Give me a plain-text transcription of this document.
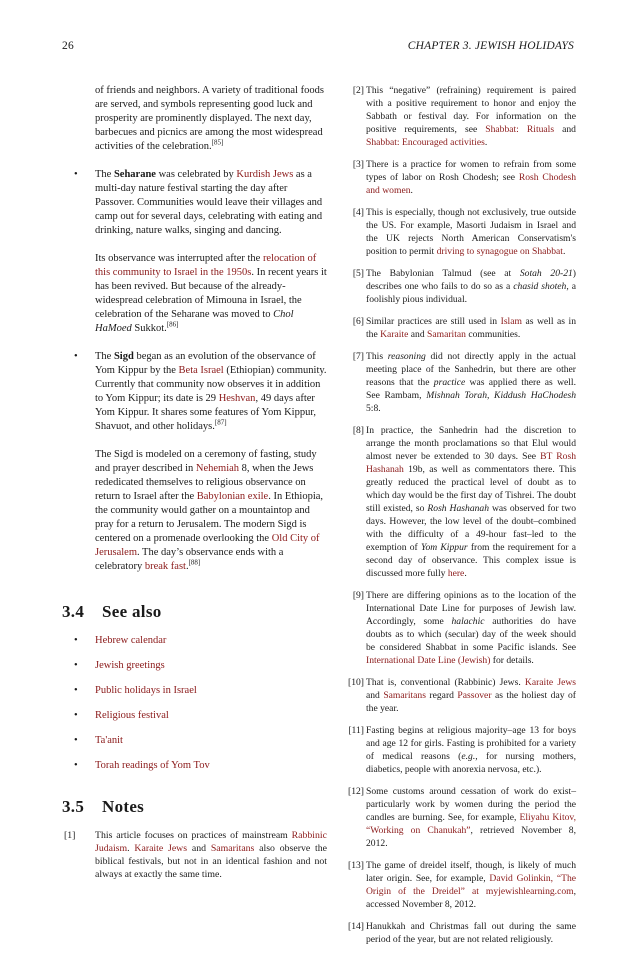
26	CHAPTER 3. JEWISH HOLIDAYS
of friends and neighbors. A variety of traditional foods are served, and symbols representing good luck and prosperity are prominently displayed. The next day, barbecues and picnics are among the most widespread activities of the celebration.[85]
• The Seharane was celebrated by Kurdish Jews as a multi-day nature festival starting the day after Passover. Communities would leave their villages and camp out for several days, celebrating with eating and drinking, nature walks, singing and dancing.
Its observance was interrupted after the relocation of this community to Israel in the 1950s. In recent years it has been revived. But because of the already-widespread celebration of Mimouna in Israel, the celebration of the Seharane was moved to Chol HaMoed Sukkot.[86]
• The Sigd began as an evolution of the observance of Yom Kippur by the Beta Israel (Ethiopian) community. Currently that community now observes it in addition to Yom Kippur; its date is 29 Heshvan, 49 days after Yom Kippur. It shares some features of Yom Kippur, Shavuot, and other holidays.[87]
The Sigd is modeled on a ceremony of fasting, study and prayer described in Nehemiah 8, when the Jews rededicated themselves to religious observance on return to Israel after the Babylonian exile. In Ethiopia, the community would gather on a mountaintop and pray for a return to Jerusalem. The modern Sigd is centered on a promenade overlooking the Old City of Jerusalem. The day’s observance ends with a celebratory break fast.[88]
3.4 See also
• Hebrew calendar
• Jewish greetings
• Public holidays in Israel
• Religious festival
• Ta'anit
• Torah readings of Yom Tov
3.5 Notes
[1] This article focuses on practices of mainstream Rabbinic Judaism. Karaite Jews and Samaritans also observe the biblical festivals, but not in an identical fashion and not always at exactly the same time.
[2] This “negative” (refraining) requirement is paired with a positive requirement to honor and enjoy the Sabbath or festival day. For information on the positive requirements, see Shabbat: Rituals and Shabbat: Encouraged activities.
[3] There is a practice for women to refrain from some types of labor on Rosh Chodesh; see Rosh Chodesh and women.
[4] This is especially, though not exclusively, true outside the US. For example, Masorti Judaism in Israel and the UK rejects North American Conservatism's position to permit driving to synagogue on Shabbat.
[5] The Babylonian Talmud (see at Sotah 20-21) describes one who fails to do so as a chasid shoteh, a foolishly pious individual.
[6] Similar practices are still used in Islam as well as in the Karaite and Samaritan communities.
[7] This reasoning did not directly apply in the actual meeting place of the Sanhedrin, but there are other reasons that the practice was applied there as well. See Rambam, Mishnah Torah, Kiddush HaChodesh 5:8.
[8] In practice, the Sanhedrin had the discretion to arrange the month proclamations so that Elul would almost never be extended to 30 days. See BT Rosh Hashanah 19b, as well as commentators there. This greatly reduced the practical level of doubt as to which day would be the first day of Tishrei. The doubt still existed, so Rosh Hashanah was observed for two days. However, the low level of the doubt–combined with the difficulty of a 49-hour fast–led to the exemption of Yom Kippur from the requirement for a second day of observance. This complex issue is discussed more fully here.
[9] There are differing opinions as to the location of the International Date Line for purposes of Jewish law. Accordingly, some halachic authorities do have doubts as to which (secular) day of the week should be considered Shabbat in some Pacific islands. See International Date Line (Jewish) for details.
[10] That is, conventional (Rabbinic) Jews. Karaite Jews and Samaritans regard Passover as the holiest day of the year.
[11] Fasting begins at religious majority–age 13 for boys and age 12 for girls. Fasting is prohibited for a variety of medical reasons (e.g., for nursing mothers, diabetics, people with anorexia nervosa, etc.).
[12] Some customs around cessation of work do exist–particularly work by women during the period the candles are burning. See, for example, Eliyahu Kitov, “Working on Chanukah”, retrieved November 8, 2012.
[13] The game of dreidel itself, though, is likely of much later origin. See, for example, David Golinkin, “The Origin of the Dreidel” at myjewishlearning.com, accessed November 8, 2012.
[14] Hanukkah and Christmas fall out during the same period of the year, but are not related religiously.
